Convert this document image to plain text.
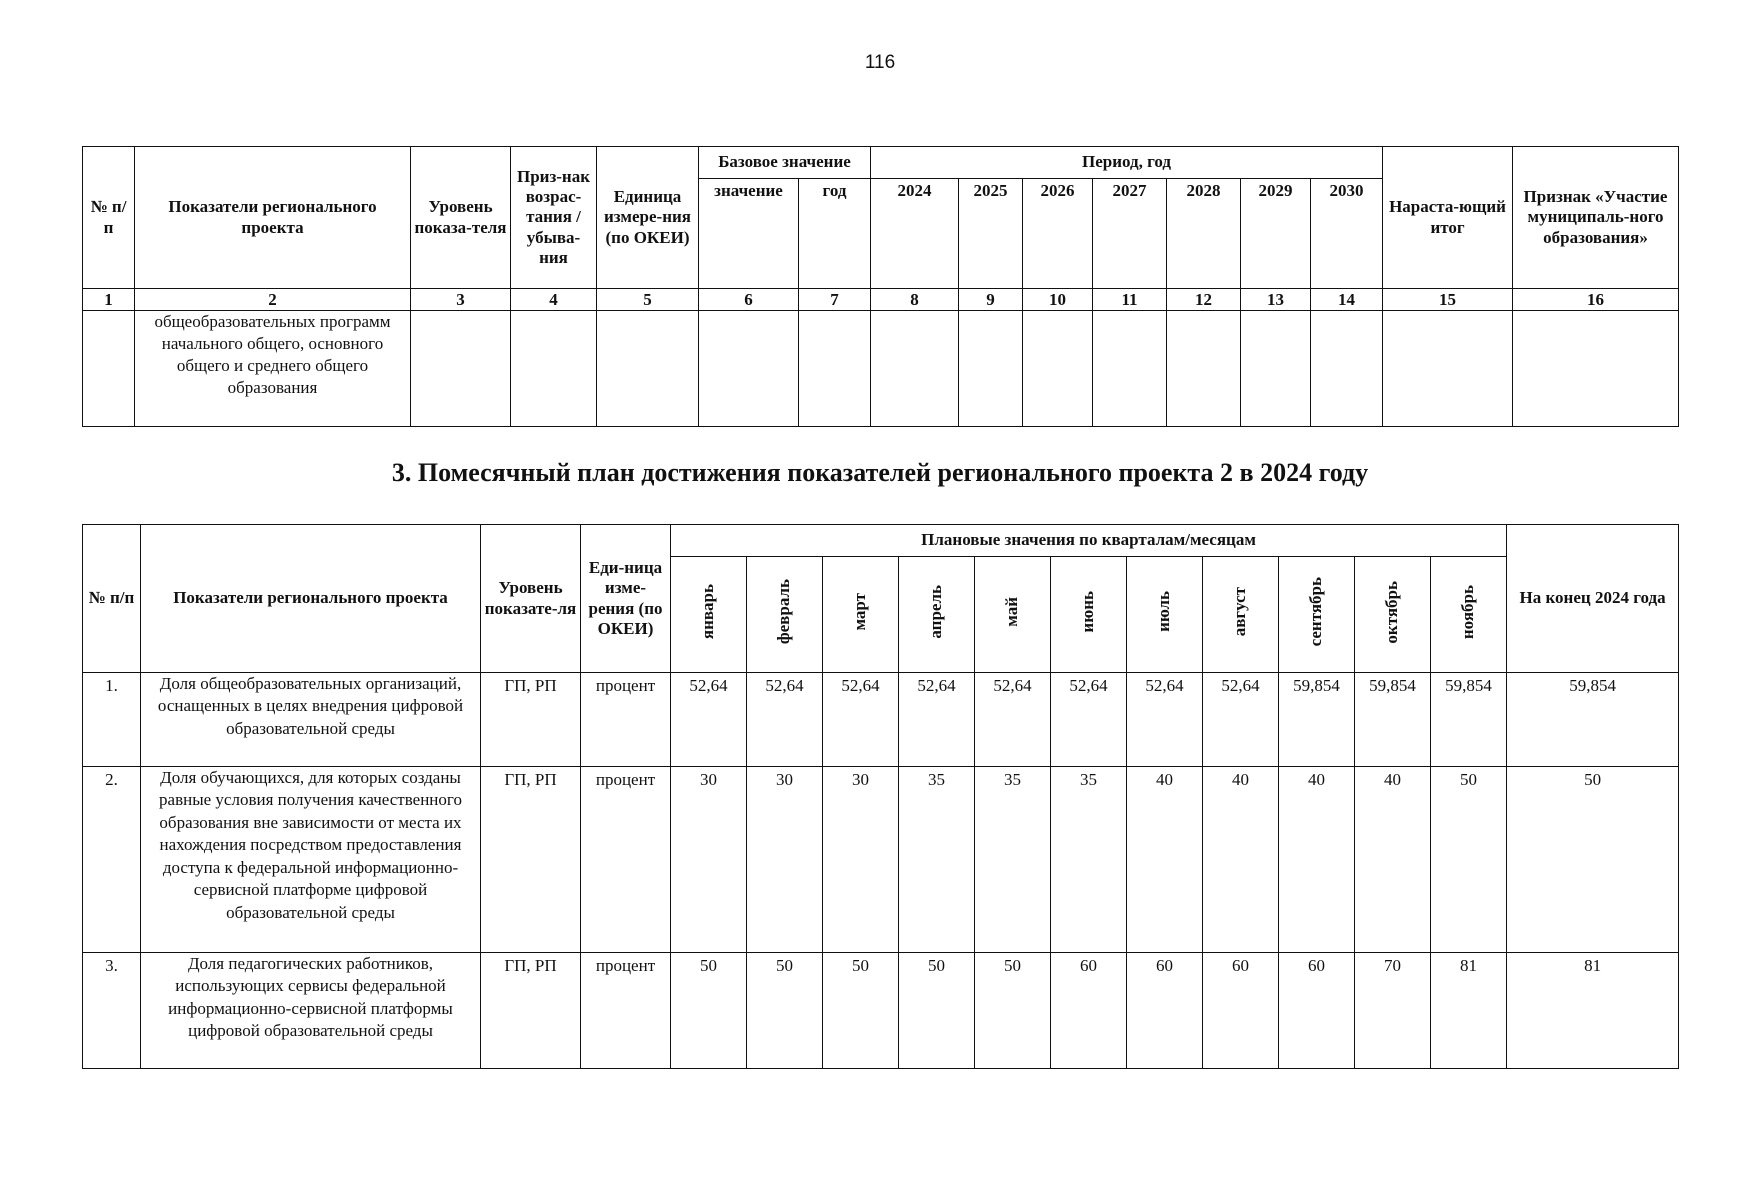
116
№ п/п	Показатели регионального проекта	Уровень показа-теля	Приз-нак возрас-тания / убыва-ния	Единица измере-ния (по ОКЕИ)	Базовое значение		Период, год							Нараста-ющий итог	Признак «Участие муниципаль-ного образования»
					значение	год	2024	2025	2026	2027	2028	2029	2030		
1	2	3	4	5	6	7	8	9	10	11	12	13	14	15	16
	общеобразовательных программ начального общего, основного общего и среднего общего образования														
3. Помесячный план достижения показателей регионального проекта 2 в 2024 году
№ п/п	Показатели регионального проекта	Уровень показате-ля	Еди-ница изме-рения (по ОКЕИ)	Плановые значения по кварталам/месяцам											На конец 2024 года
				январь	февраль	март	апрель	май	июнь	июль	август	сентябрь	октябрь	ноябрь	
1.	Доля общеобразовательных организаций, оснащенных в целях внедрения цифровой образовательной среды	ГП, РП	процент	52,64	52,64	52,64	52,64	52,64	52,64	52,64	52,64	59,854	59,854	59,854	59,854
2.	Доля обучающихся, для которых созданы равные условия получения качественного образования вне зависимости от места их нахождения посредством предоставления доступа к федеральной информационно-сервисной платформе цифровой образовательной среды	ГП, РП	процент	30	30	30	35	35	35	40	40	40	40	50	50
3.	Доля педагогических работников, использующих сервисы федеральной информационно-сервисной платформы цифровой образовательной среды	ГП, РП	процент	50	50	50	50	50	60	60	60	60	70	81	81
